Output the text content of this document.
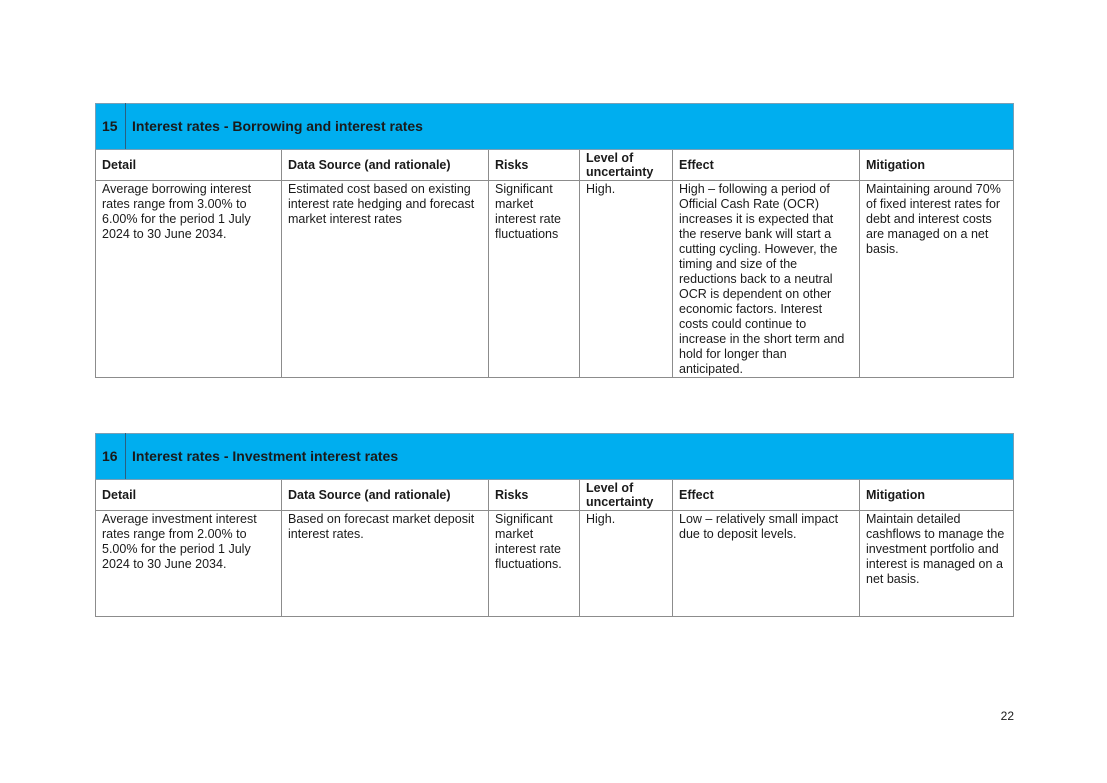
15	Interest rates - Borrowing and interest rates					
Detail		Data Source (and rationale)	Risks	Level of uncertainty	Effect	Mitigation
Average borrowing interest rates range from 3.00% to 6.00% for the period 1 July 2024 to 30 June 2034.		Estimated cost based on existing interest rate hedging and forecast market interest rates	Significant market interest rate fluctuations	High.	High – following a period of Official Cash Rate (OCR) increases it is expected that the reserve bank will start a cutting cycling. However, the timing and size of the reductions back to a neutral OCR is dependent on other economic factors. Interest costs could continue to increase in the short term and hold for longer than anticipated.	Maintaining around 70% of fixed interest rates for debt and interest costs are managed on a net basis.
16	Interest rates - Investment interest rates					
Detail		Data Source (and rationale)	Risks	Level of uncertainty	Effect	Mitigation
Average investment interest rates range from 2.00% to 5.00% for the period 1 July 2024 to 30 June 2034.		Based on forecast market deposit interest rates.	Significant market interest rate fluctuations.	High.	Low – relatively small impact due to deposit levels.	Maintain detailed cashflows to manage the investment portfolio and interest is managed on a net basis.
22
